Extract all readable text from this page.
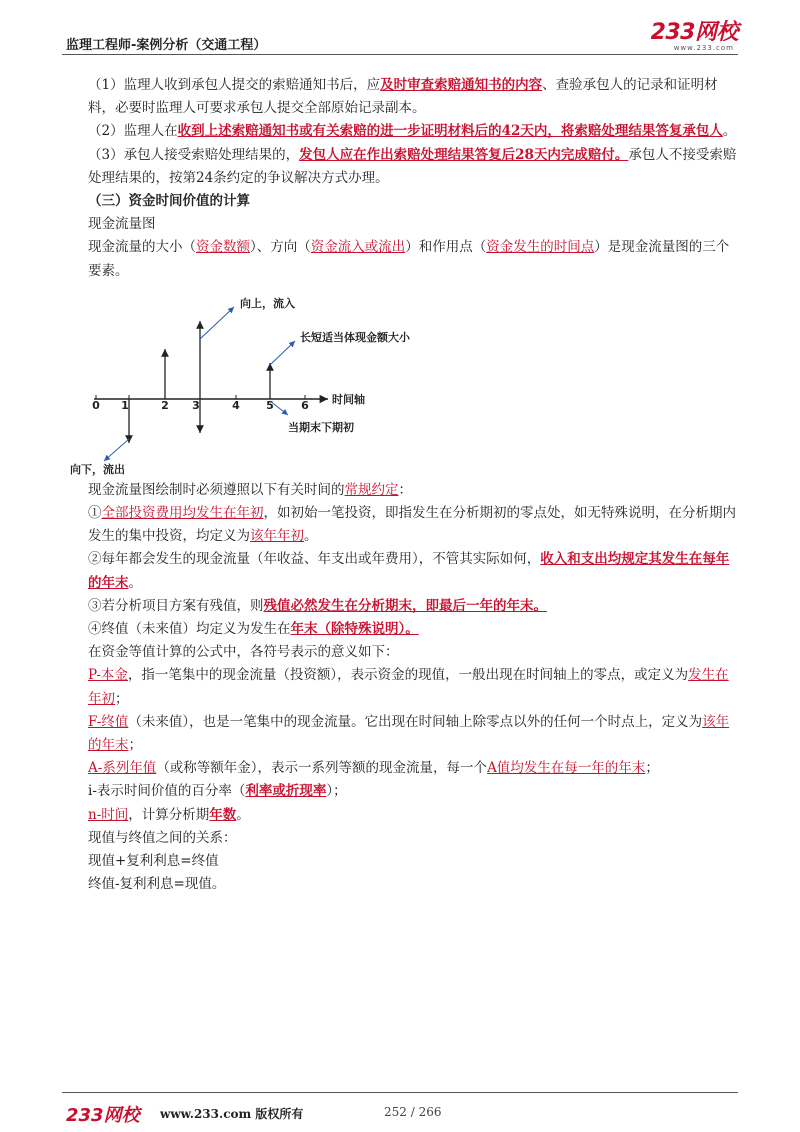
监理工程师-案例分析（交通工程）
233网校
www.233.com

（1）监理人收到承包人提交的索赔通知书后，应及时审查索赔通知书的内容、查验承包人的记录和证明材料，必要时监理人可要求承包人提交全部原始记录副本。

（2）监理人在收到上述索赔通知书或有关索赔的进一步证明材料后的42天内，将索赔处理结果答复承包人。

（3）承包人接受索赔处理结果的，发包人应在作出索赔处理结果答复后28天内完成赔付。承包人不接受索赔处理结果的，按第24条约定的争议解决方式办理。

（三）资金时间价值的计算

现金流量图

现金流量的大小（资金数额）、方向（资金流入或流出）和作用点（资金发生的时间点）是现金流量图的三个要素。

0 1	2 3	4 5 6 时间轴
向上，流入
长短适当体现金额大小
当期末下期初
向下，流出

现金流量图绘制时必须遵照以下有关时间的常规约定：

①全部投资费用均发生在年初，如初始一笔投资，即指发生在分析期初的零点处，如无特殊说明，在分析期内发生的集中投资，均定义为该年年初。

②每年都会发生的现金流量（年收益、年支出或年费用），不管其实际如何，收入和支出均规定其发生在每年的年末。

③若分析项目方案有残值，则残值必然发生在分析期末，即最后一年的年末。

④终值（未来值）均定义为发生在年末（除特殊说明）。

在资金等值计算的公式中，各符号表示的意义如下：

P-本金，指一笔集中的现金流量（投资额），表示资金的现值，一般出现在时间轴上的零点，或定义为发生在年初；

F-终值（未来值），也是一笔集中的现金流量。它出现在时间轴上除零点以外的任何一个时点上，定义为该年的年末；

A-系列年值（或称等额年金），表示一系列等额的现金流量，每一个A值均发生在每一年的年末；

i-表示时间价值的百分率（利率或折现率）；

n-时间，计算分析期年数。

现值与终值之间的关系：

现值+复利利息=终值

终值-复利利息=现值。

233网校 www.233.com 版权所有	252 / 266
